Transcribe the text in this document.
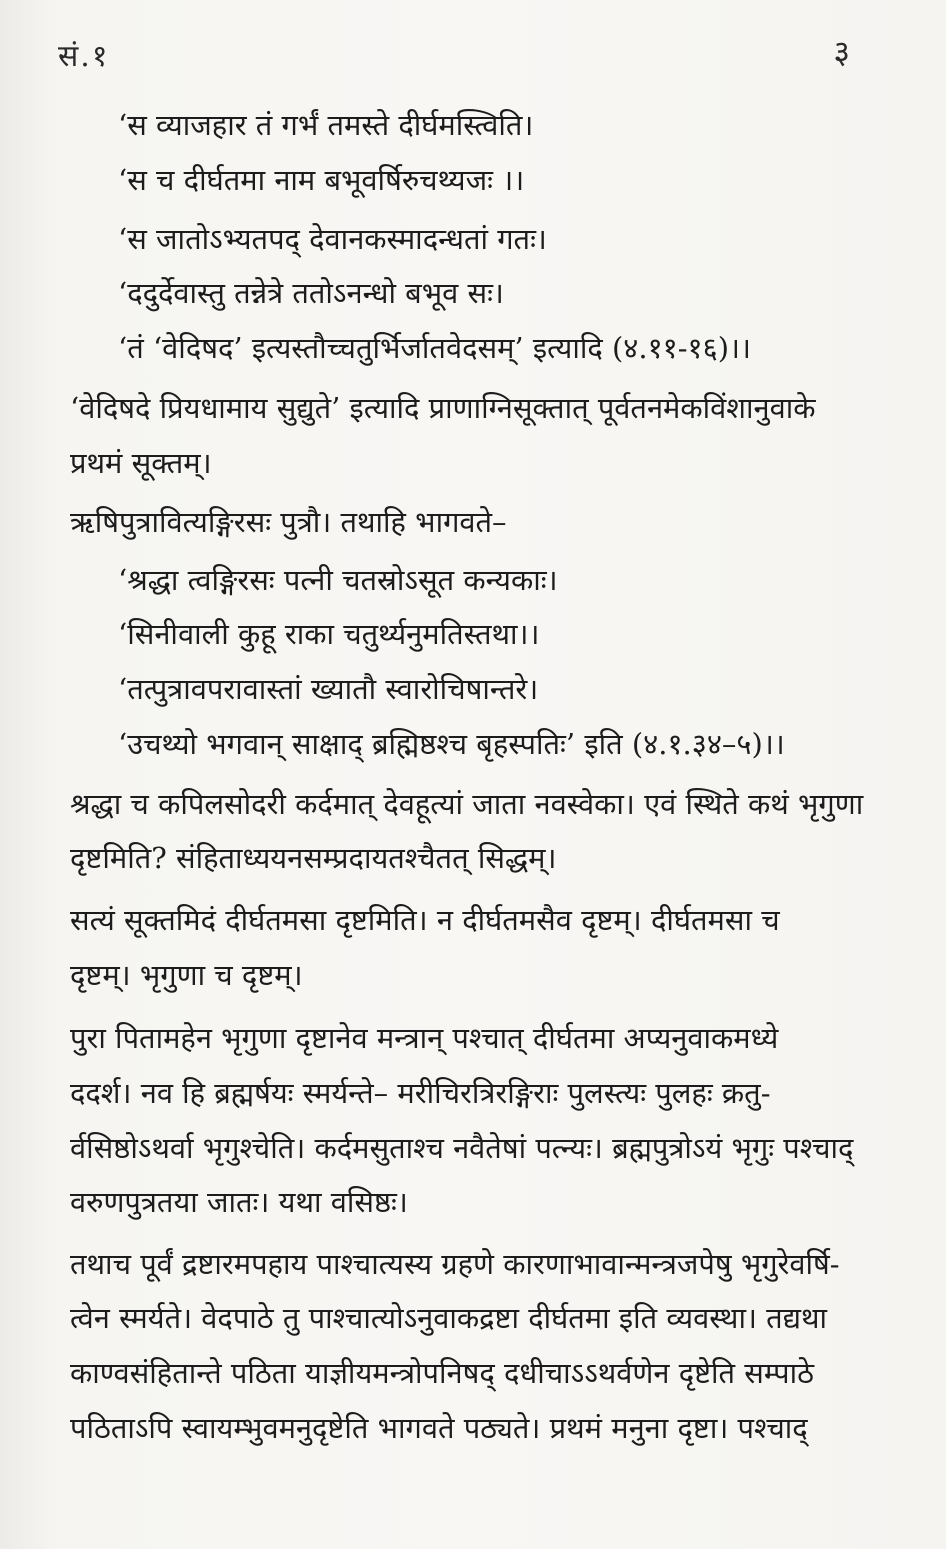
सं.१	३
‘स व्याजहार तं गर्भं तमस्ते दीर्घमस्त्विति।
‘स च दीर्घतमा नाम बभूवर्षिरुचथ्यजः ।।
‘स जातोऽभ्यतपद् देवानकस्मादन्धतां गतः।
‘ददुर्देवास्तु तन्नेत्रे ततोऽनन्धो बभूव सः।
‘तं ‘वेदिषद’ इत्यस्तौच्चतुर्भिर्जातवेदसम्’ इत्यादि (४.११-१६)।।
‘वेदिषदे प्रियधामाय सुद्युते’ इत्यादि प्राणाग्निसूक्तात् पूर्वतनमेकविंशानुवाके
प्रथमं सूक्तम्।
ऋषिपुत्रावित्यङ्गिरसः पुत्रौ। तथाहि भागवते–
‘श्रद्धा त्वङ्गिरसः पत्नी चतस्रोऽसूत कन्यकाः।
‘सिनीवाली कुहू राका चतुर्थ्यनुमतिस्तथा।।
‘तत्पुत्रावपरावास्तां ख्यातौ स्वारोचिषान्तरे।
‘उचथ्यो भगवान् साक्षाद् ब्रह्मिष्ठश्च बृहस्पतिः’ इति (४.१.३४–५)।।
श्रद्धा च कपिलसोदरी कर्दमात् देवहूत्यां जाता नवस्वेका। एवं स्थिते कथं भृगुणा
दृष्टमिति? संहिताध्ययनसम्प्रदायतश्चैतत् सिद्धम्।
सत्यं सूक्तमिदं दीर्घतमसा दृष्टमिति। न दीर्घतमसैव दृष्टम्। दीर्घतमसा च
दृष्टम्। भृगुणा च दृष्टम्।
पुरा पितामहेन भृगुणा दृष्टानेव मन्त्रान् पश्चात् दीर्घतमा अप्यनुवाकमध्ये
ददर्श। नव हि ब्रह्मर्षयः स्मर्यन्ते– मरीचिरत्रिरङ्गिराः पुलस्त्यः पुलहः क्रतु-
र्वसिष्ठोऽथर्वा भृगुश्चेति। कर्दमसुताश्च नवैतेषां पत्न्यः। ब्रह्मपुत्रोऽयं भृगुः पश्चाद्
वरुणपुत्रतया जातः। यथा वसिष्ठः।
तथाच पूर्वं द्रष्टारमपहाय पाश्चात्यस्य ग्रहणे कारणाभावान्मन्त्रजपेषु भृगुरेवर्षि-
त्वेन स्मर्यते। वेदपाठे तु पाश्चात्योऽनुवाकद्रष्टा दीर्घतमा इति व्यवस्था। तद्यथा
काण्वसंहितान्ते पठिता याज्ञीयमन्त्रोपनिषद् दधीचाऽऽथर्वणेन दृष्टेति सम्पाठे
पठिताऽपि स्वायम्भुवमनुदृष्टेति भागवते पठ्यते। प्रथमं मनुना दृष्टा। पश्चाद्
